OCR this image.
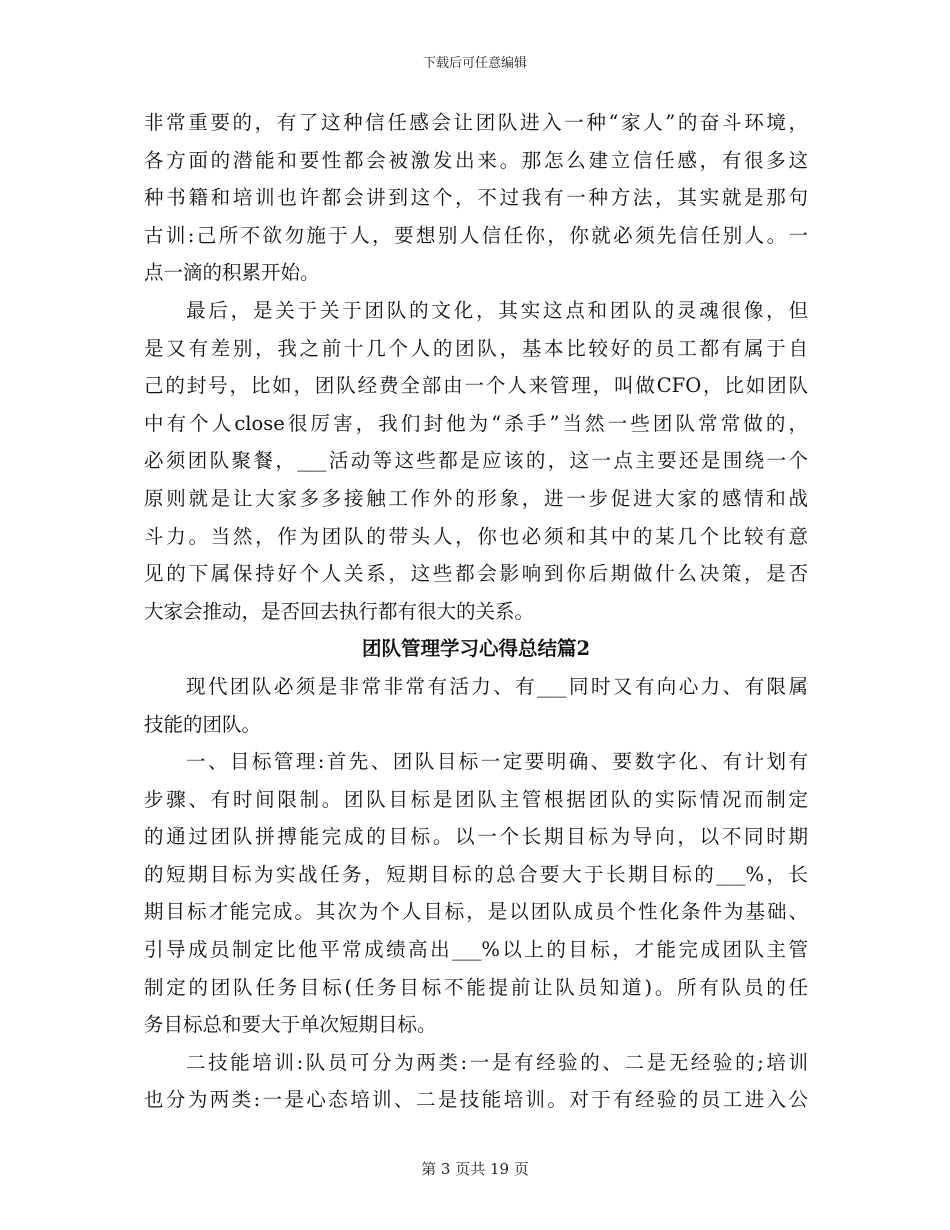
下载后可任意编辑
非常重要的，有了这种信任感会让团队进入一种“家人”的奋斗环境，
各方面的潜能和要性都会被激发出来。那怎么建立信任感，有很多这
种书籍和培训也许都会讲到这个，不过我有一种方法，其实就是那句
古训:己所不欲勿施于人，要想别人信任你，你就必须先信任别人。一
点一滴的积累开始。
最后，是关于关于团队的文化，其实这点和团队的灵魂很像，但
是又有差别，我之前十几个人的团队，基本比较好的员工都有属于自
己的封号，比如，团队经费全部由一个人来管理，叫做CFO，比如团队
中有个人close很厉害，我们封他为“杀手”当然一些团队常常做的，
必须团队聚餐，___活动等这些都是应该的，这一点主要还是围绕一个
原则就是让大家多多接触工作外的形象，进一步促进大家的感情和战
斗力。当然，作为团队的带头人，你也必须和其中的某几个比较有意
见的下属保持好个人关系，这些都会影响到你后期做什么决策，是否
大家会推动，是否回去执行都有很大的关系。
团队管理学习心得总结篇2
现代团队必须是非常非常有活力、有___同时又有向心力、有限属
技能的团队。
一、目标管理:首先、团队目标一定要明确、要数字化、有计划有
步骤、有时间限制。团队目标是团队主管根据团队的实际情况而制定
的通过团队拼搏能完成的目标。以一个长期目标为导向，以不同时期
的短期目标为实战任务，短期目标的总合要大于长期目标的___%，长
期目标才能完成。其次为个人目标，是以团队成员个性化条件为基础、
引导成员制定比他平常成绩高出___%以上的目标，才能完成团队主管
制定的团队任务目标(任务目标不能提前让队员知道)。所有队员的任
务目标总和要大于单次短期目标。
二技能培训:队员可分为两类:一是有经验的、二是无经验的;培训
也分为两类:一是心态培训、二是技能培训。对于有经验的员工进入公
第 3 页共 19 页
